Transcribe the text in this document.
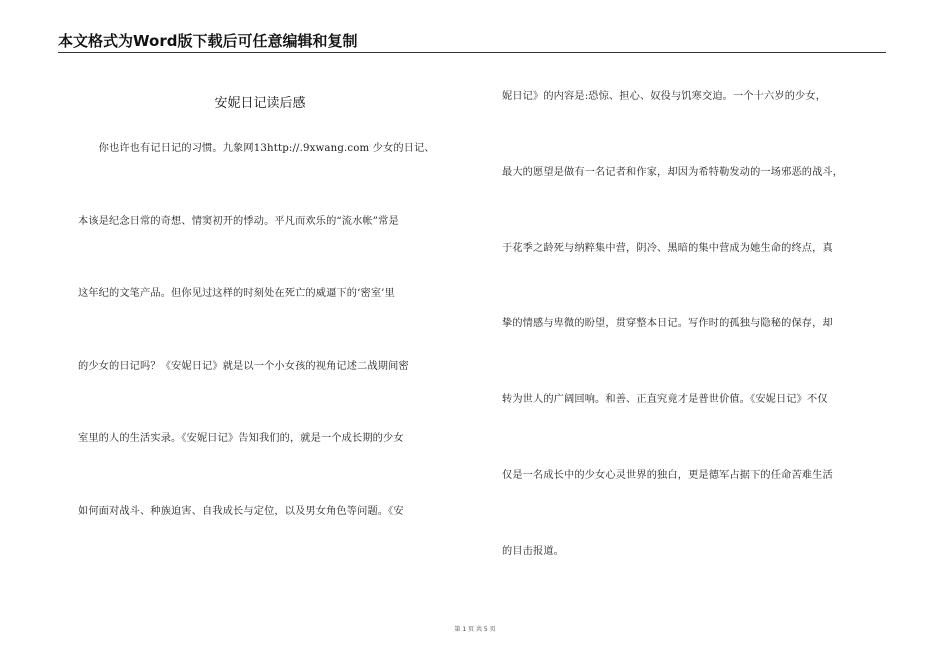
本文格式为Word版下载后可任意编辑和复制
安妮日记读后感
　　你也许也有记日记的习惯。九象网13http://.9xwang.com 少女的日记、
本该是纪念日常的奇想、情窦初开的悸动。平凡而欢乐的“流水帐”常是
这年纪的文笔产品。但你见过这样的时刻处在死亡的威逼下的‘密室’里
的少女的日记吗？《安妮日记》就是以一个小女孩的视角记述二战期间密
室里的人的生活实录。《安妮日记》告知我们的，就是一个成长期的少女
如何面对战斗、种族迫害、自我成长与定位，以及男女角色等问题。《安
妮日记》的内容是:恐惊、担心、奴役与饥寒交迫。一个十六岁的少女，
最大的愿望是做有一名记者和作家，却因为希特勒发动的一场邪恶的战斗，
于花季之龄死与纳粹集中营，阴冷、黑暗的集中营成为她生命的终点，真
挚的情感与卑微的盼望，贯穿整本日记。写作时的孤独与隐秘的保存，却
转为世人的广阔回响。和善、正直究竟才是普世价值。《安妮日记》不仅
仅是一名成长中的少女心灵世界的独白，更是德军占据下的任命苦难生活
的目击报道。
第 1 页 共 5 页
